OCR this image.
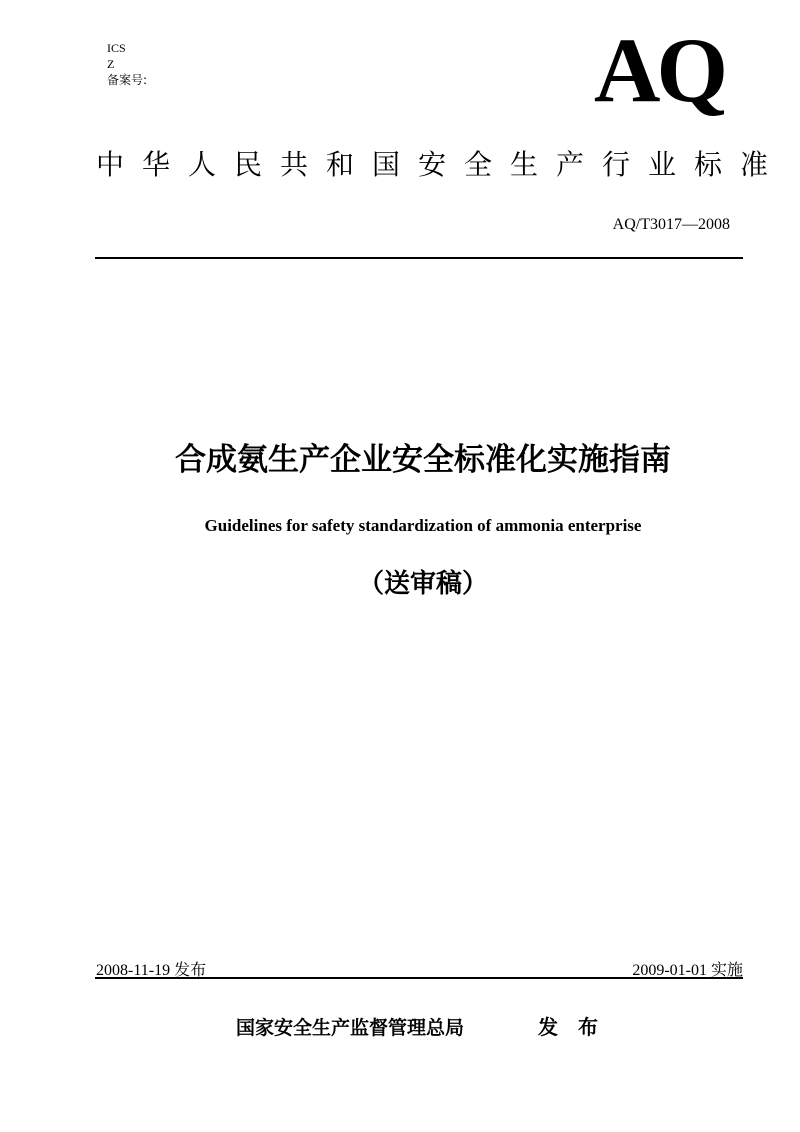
ICS
Z
备案号:	AQ
中华人民共和国安全生产行业标准
AQ/T3017—2008
合成氨生产企业安全标准化实施指南
Guidelines for safety standardization of ammonia enterprise
（送审稿）
2008-11-19 发布	2009-01-01 实施
国家安全生产监督管理总局	发布
